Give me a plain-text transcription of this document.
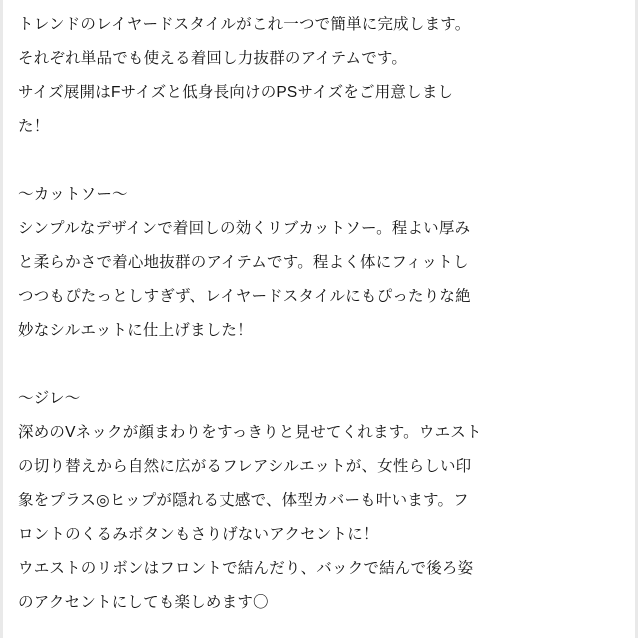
トレンドのレイヤードスタイルがこれ一つで簡単に完成します。
それぞれ単品でも使える着回し力抜群のアイテムです。
サイズ展開はFサイズと低身長向けのPSサイズをご用意しまし
た！
〜カットソー〜
シンプルなデザインで着回しの効くリブカットソー。程よい厚み
と柔らかさで着心地抜群のアイテムです。程よく体にフィットし
つつもぴたっとしすぎず、レイヤードスタイルにもぴったりな絶
妙なシルエットに仕上げました！
〜ジレ〜
深めのVネックが顔まわりをすっきりと見せてくれます。ウエスト
の切り替えから自然に広がるフレアシルエットが、女性らしい印
象をプラス◎ヒップが隠れる丈感で、体型カバーも叶います。フ
ロントのくるみボタンもさりげないアクセントに！
ウエストのリボンはフロントで結んだり、バックで結んで後ろ姿
のアクセントにしても楽しめます〇
